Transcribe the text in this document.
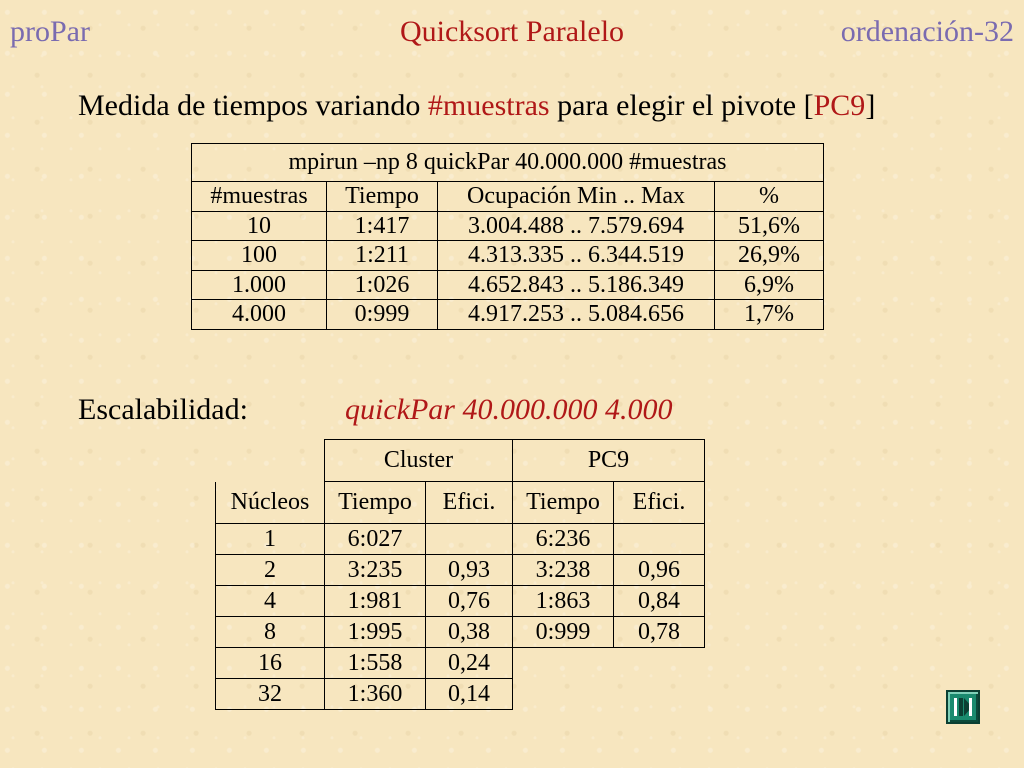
proPar	Quicksort Paralelo	ordenación-32
Medida de tiempos variando #muestras para elegir el pivote [PC9]
mpirun –np 8 quickPar 40.000.000 #muestras			
#muestras	Tiempo	Ocupación Min .. Max	%
10	1:417	3.004.488 .. 7.579.694	51,6%
100	1:211	4.313.335 .. 6.344.519	26,9%
1.000	1:026	4.652.843 .. 5.186.349	6,9%
4.000	0:999	4.917.253 .. 5.084.656	1,7%
Escalabilidad:	quickPar 40.000.000 4.000
	Cluster		PC9	
Núcleos	Tiempo	Efici.	Tiempo	Efici.
1	6:027		6:236	
2	3:235	0,93	3:238	0,96
4	1:981	0,76	1:863	0,84
8	1:995	0,38	0:999	0,78
16	1:558	0,24		
32	1:360	0,14		
